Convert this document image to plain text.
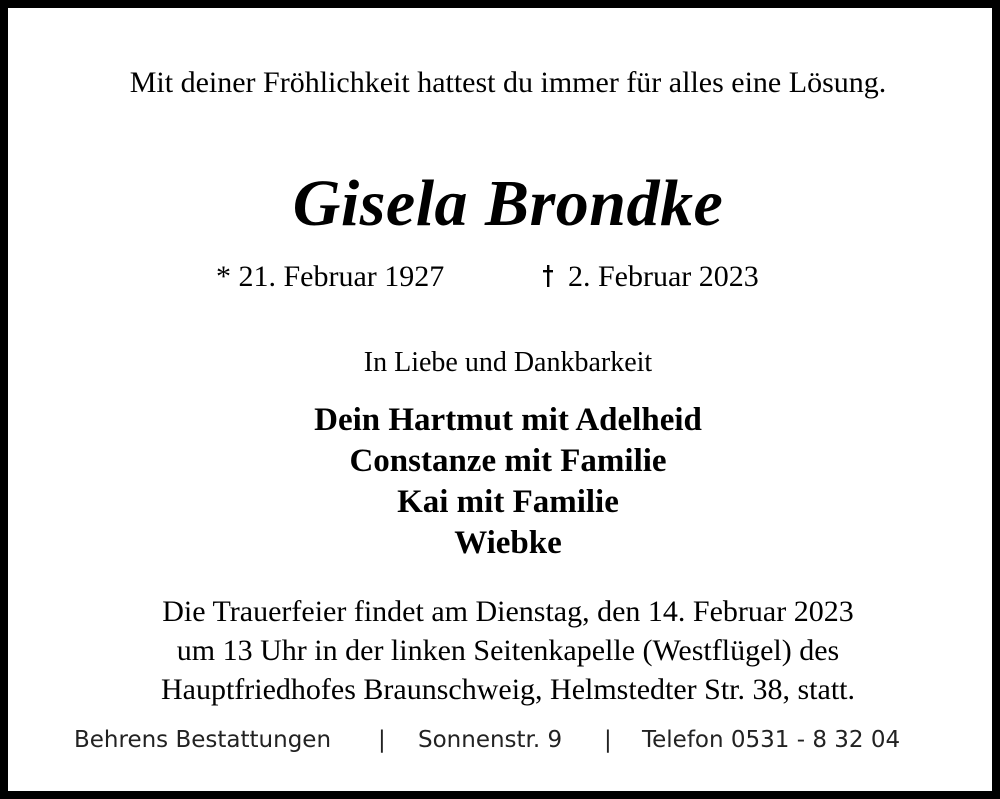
Mit deiner Fröhlichkeit hattest du immer für alles eine Lösung.
Gisela Brondke
* 21. Februar 1927	2. Februar 2023
In Liebe und Dankbarkeit
Dein Hartmut mit Adelheid
Constanze mit Familie
Kai mit Familie
Wiebke
Die Trauerfeier findet am Dienstag, den 14. Februar 2023
um 13 Uhr in der linken Seitenkapelle (Westflügel) des
Hauptfriedhofes Braunschweig, Helmstedter Str. 38, statt.
Behrens Bestattungen | Sonnenstr. 9 | Telefon 0531 - 8 32 04
